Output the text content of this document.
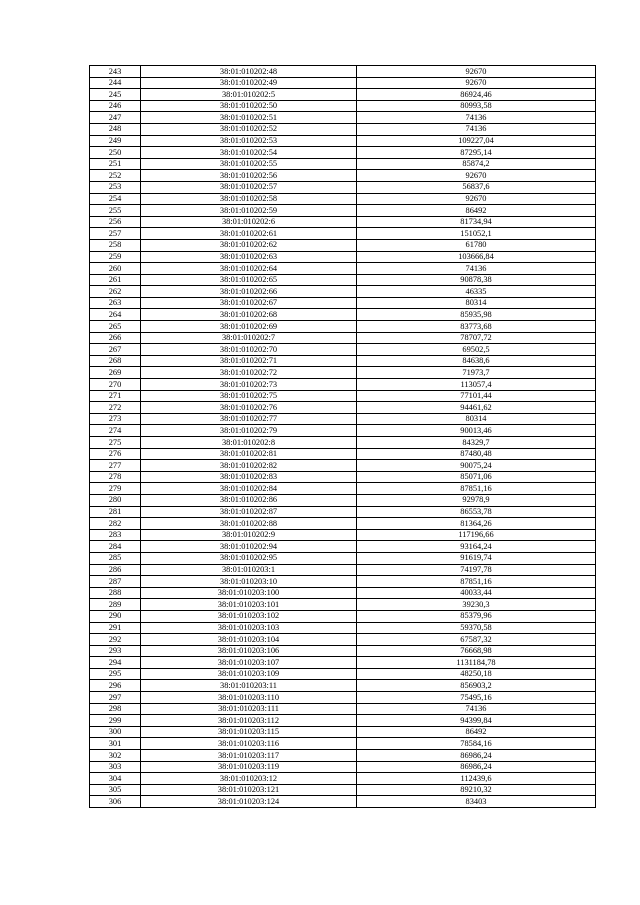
243	38:01:010202:48	92670
244	38:01:010202:49	92670
245	38:01:010202:5	86924,46
246	38:01:010202:50	80993,58
247	38:01:010202:51	74136
248	38:01:010202:52	74136
249	38:01:010202:53	109227,04
250	38:01:010202:54	87295,14
251	38:01:010202:55	85874,2
252	38:01:010202:56	92670
253	38:01:010202:57	56837,6
254	38:01:010202:58	92670
255	38:01:010202:59	86492
256	38:01:010202:6	81734,94
257	38:01:010202:61	151052,1
258	38:01:010202:62	61780
259	38:01:010202:63	103666,84
260	38:01:010202:64	74136
261	38:01:010202:65	90878,38
262	38:01:010202:66	46335
263	38:01:010202:67	80314
264	38:01:010202:68	85935,98
265	38:01:010202:69	83773,68
266	38:01:010202:7	78707,72
267	38:01:010202:70	69502,5
268	38:01:010202:71	84638,6
269	38:01:010202:72	71973,7
270	38:01:010202:73	113057,4
271	38:01:010202:75	77101,44
272	38:01:010202:76	94461,62
273	38:01:010202:77	80314
274	38:01:010202:79	90013,46
275	38:01:010202:8	84329,7
276	38:01:010202:81	87480,48
277	38:01:010202:82	90075,24
278	38:01:010202:83	85071,06
279	38:01:010202:84	87851,16
280	38:01:010202:86	92978,9
281	38:01:010202:87	86553,78
282	38:01:010202:88	81364,26
283	38:01:010202:9	117196,66
284	38:01:010202:94	93164,24
285	38:01:010202:95	91619,74
286	38:01:010203:1	74197,78
287	38:01:010203:10	87851,16
288	38:01:010203:100	40033,44
289	38:01:010203:101	39230,3
290	38:01:010203:102	85379,96
291	38:01:010203:103	59370,58
292	38:01:010203:104	67587,32
293	38:01:010203:106	76668,98
294	38:01:010203:107	1131184,78
295	38:01:010203:109	48250,18
296	38:01:010203:11	856903,2
297	38:01:010203:110	75495,16
298	38:01:010203:111	74136
299	38:01:010203:112	94399,84
300	38:01:010203:115	86492
301	38:01:010203:116	78584,16
302	38:01:010203:117	86986,24
303	38:01:010203:119	86986,24
304	38:01:010203:12	112439,6
305	38:01:010203:121	89210,32
306	38:01:010203:124	83403
